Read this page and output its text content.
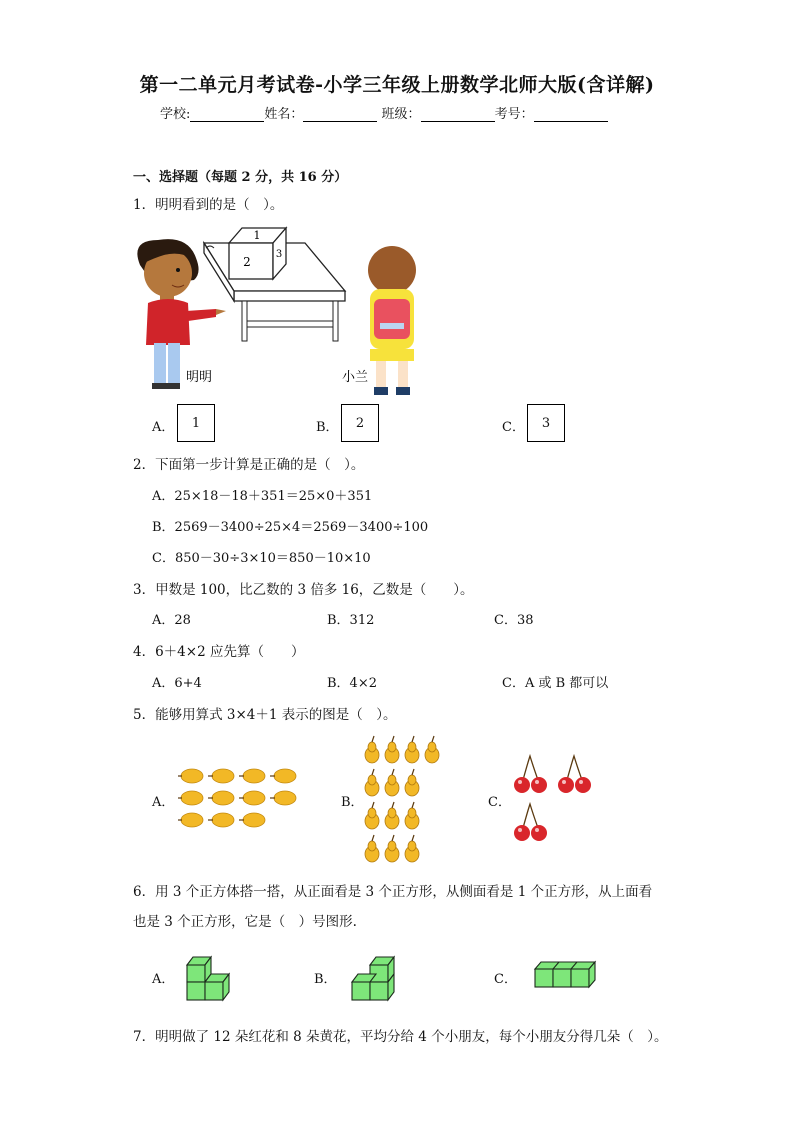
第一二单元月考试卷-小学三年级上册数学北师大版(含详解)
学校:	姓名：	班级：	考号：
一、选择题（每题 2 分，共 16 分）
1．明明看到的是（　）。
1
2
3
明明	小兰
A．	1	B．	2	C．	3
2．下面第一步计算是正确的是（　）。
A．25×18－18＋351＝25×0＋351
B．2569－3400÷25×4＝2569－3400÷100
C．850－30÷3×10＝850－10×10
3．甲数是 100，比乙数的 3 倍多 16，乙数是（　　）。
A．28	B．312	C．38
4．6＋4×2 应先算（　　）
A．6+4	B．4×2	C．A 或 B 都可以
5．能够用算式 3×4＋1 表示的图是（　）。
A．	B．	C．
6．用 3 个正方体搭一搭，从正面看是 3 个正方形，从侧面看是 1 个正方形，从上面看
也是 3 个正方形，它是（　）号图形.
A．	B．	C．
7．明明做了 12 朵红花和 8 朵黄花，平均分给 4 个小朋友，每个小朋友分得几朵（　）。
